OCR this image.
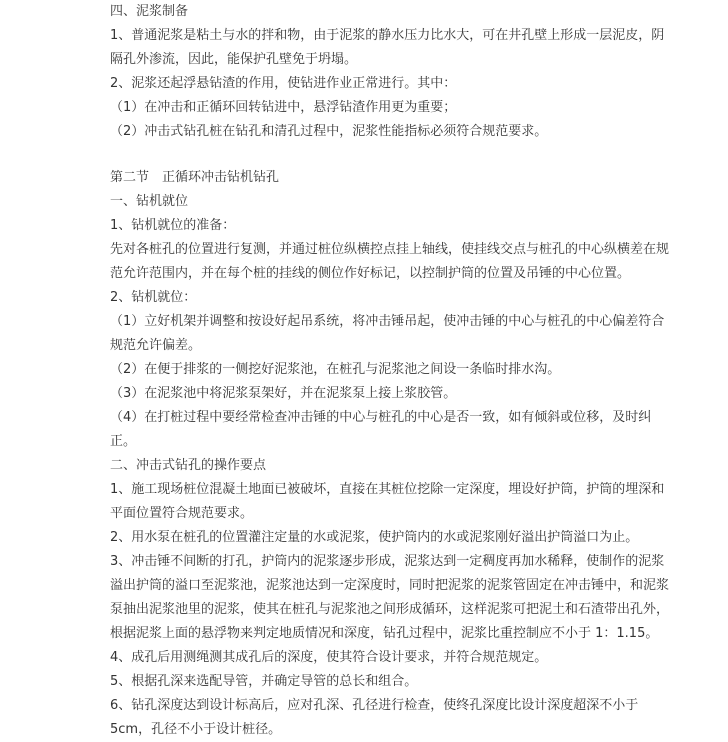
四、泥浆制备

1、普通泥浆是粘土与水的拌和物，由于泥浆的静水压力比水大，可在井孔壁上形成一层泥皮，阴隔孔外渗流，因此，能保护孔壁免于坍塌。

2、泥浆还起浮悬钻渣的作用，使钻进作业正常进行。其中：

（1）在冲击和正循环回转钻进中，悬浮钻渣作用更为重要；

（2）冲击式钻孔桩在钻孔和清孔过程中，泥浆性能指标必须符合规范要求。

第二节　正循环冲击钻机钻孔

一、钻机就位

1、钻机就位的准备：

先对各桩孔的位置进行复测，并通过桩位纵横控点挂上轴线，使挂线交点与桩孔的中心纵横差在规范允许范围内，并在每个桩的挂线的侧位作好标记，以控制护筒的位置及吊锤的中心位置。

2、钻机就位：

（1）立好机架并调整和按设好起吊系统，将冲击锤吊起，使冲击锤的中心与桩孔的中心偏差符合规范允许偏差。

（2）在便于排浆的一侧挖好泥浆池，在桩孔与泥浆池之间设一条临时排水沟。

（3）在泥浆池中将泥浆泵架好，并在泥浆泵上接上浆胶管。

（4）在打桩过程中要经常检查冲击锤的中心与桩孔的中心是否一致，如有倾斜或位移，及时纠正。

二、冲击式钻孔的操作要点

1、施工现场桩位混凝土地面已被破坏，直接在其桩位挖除一定深度，埋设好护筒，护筒的埋深和平面位置符合规范要求。

2、用水泵在桩孔的位置灌注定量的水或泥浆，使护筒内的水或泥浆刚好溢出护筒溢口为止。

3、冲击锤不间断的打孔，护筒内的泥浆逐步形成，泥浆达到一定稠度再加水稀释，使制作的泥浆溢出护筒的溢口至泥浆池，泥浆池达到一定深度时，同时把泥浆的泥浆管固定在冲击锤中，和泥浆泵抽出泥浆池里的泥浆，使其在桩孔与泥浆池之间形成循环，这样泥浆可把泥土和石渣带出孔外，根据泥浆上面的悬浮物来判定地质情况和深度，钻孔过程中，泥浆比重控制应不小于 1：1.15。

4、成孔后用测绳测其成孔后的深度，使其符合设计要求，并符合规范规定。

5、根据孔深来选配导管，并确定导管的总长和组合。

6、钻孔深度达到设计标高后，应对孔深、孔径进行检查，使终孔深度比设计深度超深不小于 5cm，孔径不小于设计桩径。
